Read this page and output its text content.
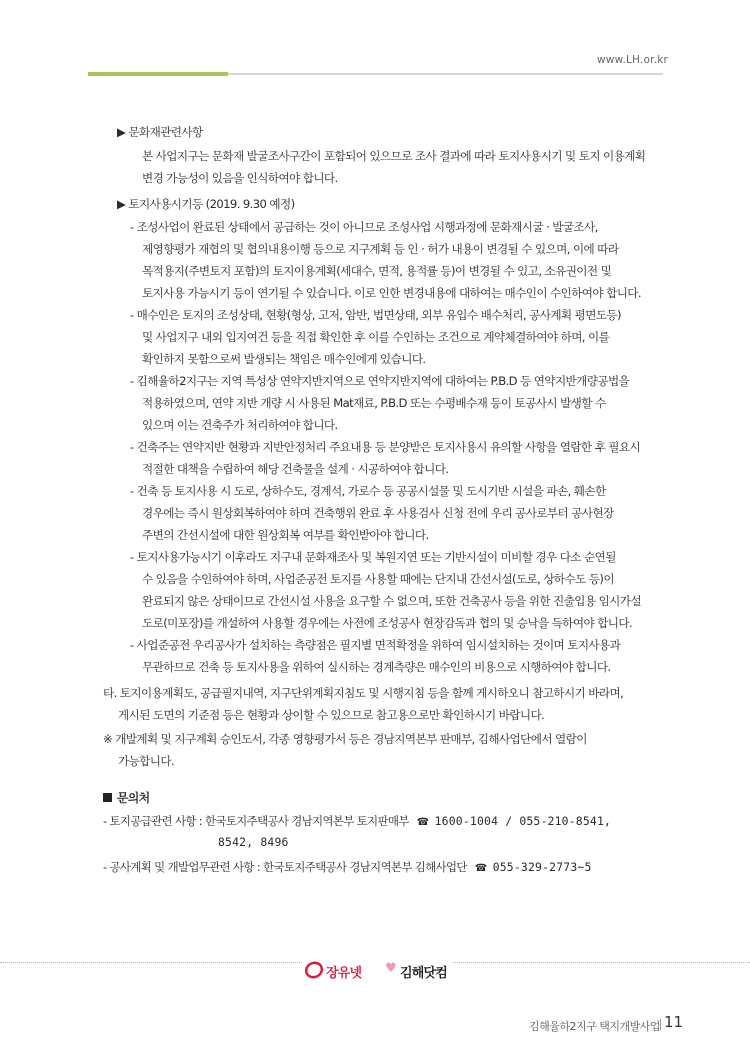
www.LH.or.kr
▶ 문화재관련사항
본 사업지구는 문화재 발굴조사구간이 포함되어 있으므로 조사 결과에 따라 토지사용시기 및 토지 이용계획
변경 가능성이 있음을 인식하여야 합니다.
▶ 토지사용시기등 (2019. 9.30 예정)
- 조성사업이 완료된 상태에서 공급하는 것이 아니므로 조성사업 시행과정에 문화재시굴 · 발굴조사,
제영향평가 재협의 및 협의내용이행 등으로 지구계획 등 인 · 허가 내용이 변경될 수 있으며, 이에 따라
목적용지(주변토지 포함)의 토지이용계획(세대수, 면적, 용적률 등)이 변경될 수 있고, 소유권이전 및
토지사용 가능시기 등이 연기될 수 있습니다. 이로 인한 변경내용에 대하여는 매수인이 수인하여야 합니다.
- 매수인은 토지의 조성상태, 현황(형상, 고저, 암반, 법면상태, 외부 유입수 배수처리, 공사계획 평면도등)
및 사업지구 내외 입지여건 등을 직접 확인한 후 이를 수인하는 조건으로 계약체결하여야 하며, 이를
확인하지 못함으로써 발생되는 책임은 매수인에게 있습니다.
- 김해율하2지구는 지역 특성상 연약지반지역으로 연약지반지역에 대하여는 P.B.D 등 연약지반개량공법을
적용하였으며, 연약 지반 개량 시 사용된 Mat재료, P.B.D 또는 수평배수재 등이 토공사시 발생할 수
있으며 이는 건축주가 처리하여야 합니다.
- 건축주는 연약지반 현황과 지반안정처리 주요내용 등 분양받은 토지사용시 유의할 사항을 열람한 후 필요시
적절한 대책을 수립하여 해당 건축물을 설계 · 시공하여야 합니다.
- 건축 등 토지사용 시 도로, 상하수도, 경계석, 가로수 등 공공시설물 및 도시기반 시설을 파손, 훼손한
경우에는 즉시 원상회복하여야 하며 건축행위 완료 후 사용검사 신청 전에 우리 공사로부터 공사현장
주변의 간선시설에 대한 원상회복 여부를 확인받아야 합니다.
- 토지사용가능시기 이후라도 지구내 문화재조사 및 복원지연 또는 기반시설이 미비할 경우 다소 순연될
수 있음을 수인하여야 하며, 사업준공전 토지를 사용할 때에는 단지내 간선시설(도로, 상하수도 등)이
완료되지 않은 상태이므로 간선시설 사용을 요구할 수 없으며, 또한 건축공사 등을 위한 진출입용 임시가설
도로(미포장)를 개설하여 사용할 경우에는 사전에 조성공사 현장감독과 협의 및 승낙을 득하여야 합니다.
- 사업준공전 우리공사가 설치하는 측량점은 필지별 면적확정을 위하여 임시설치하는 것이며 토지사용과
무관하므로 건축 등 토지사용을 위하여 실시하는 경계측량은 매수인의 비용으로 시행하여야 합니다.
타. 토지이용계획도, 공급필지내역, 지구단위계획지침도 및 시행지침 등을 함께 게시하오니 참고하시기 바라며,
게시된 도면의 기준점 등은 현황과 상이할 수 있으므로 참고용으로만 확인하시기 바랍니다.
※ 개발계획 및 지구계획 승인도서, 각종 영향평가서 등은 경남지역본부 판매부, 김해사업단에서 열람이
가능합니다.
문의처
- 토지공급관련 사항 : 한국토지주택공사 경남지역본부 토지판매부 ☎ 1600-1004 / 055-210-8541,
8542, 8496
- 공사계획 및 개발업무관련 사항 : 한국토지주택공사 경남지역본부 김해사업단 ☎ 055-329-2773~5
장유넷 ♥ 김해닷컴
김해율하2지구 택지개발사업 11
